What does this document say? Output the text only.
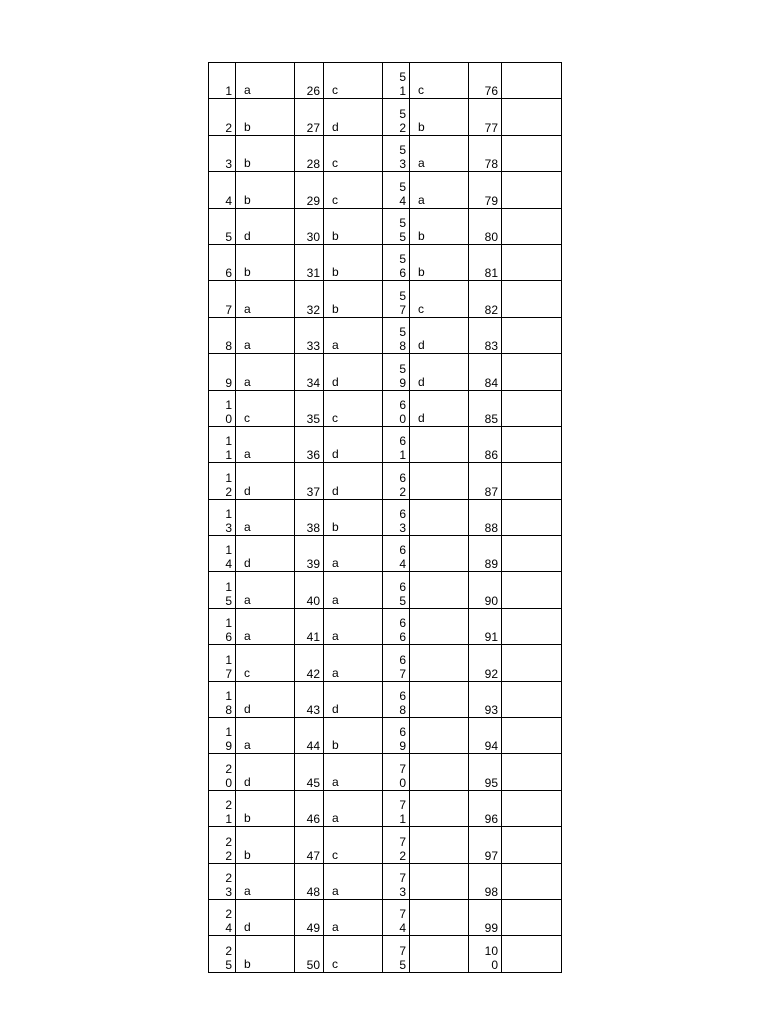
1	a	26	c	51	c	76	

2	b	27	d	52	b	77	

3	b	28	c	53	a	78	

4	b	29	c	54	a	79	

5	d	30	b	55	b	80	

6	b	31	b	56	b	81	

7	a	32	b	57	c	82	

8	a	33	a	58	d	83	

9	a	34	d	59	d	84	

10	c	35	c	60	d	85	

11	a	36	d	61		86	

12	d	37	d	62		87	

13	a	38	b	63		88	

14	d	39	a	64		89	

15	a	40	a	65		90	

16	a	41	a	66		91	

17	c	42	a	67		92	

18	d	43	d	68		93	

19	a	44	b	69		94	

20	d	45	a	70		95	

21	b	46	a	71		96	

22	b	47	c	72		97	

23	a	48	a	73		98	

24	d	49	a	74		99	

25	b	50	c	75		100	
